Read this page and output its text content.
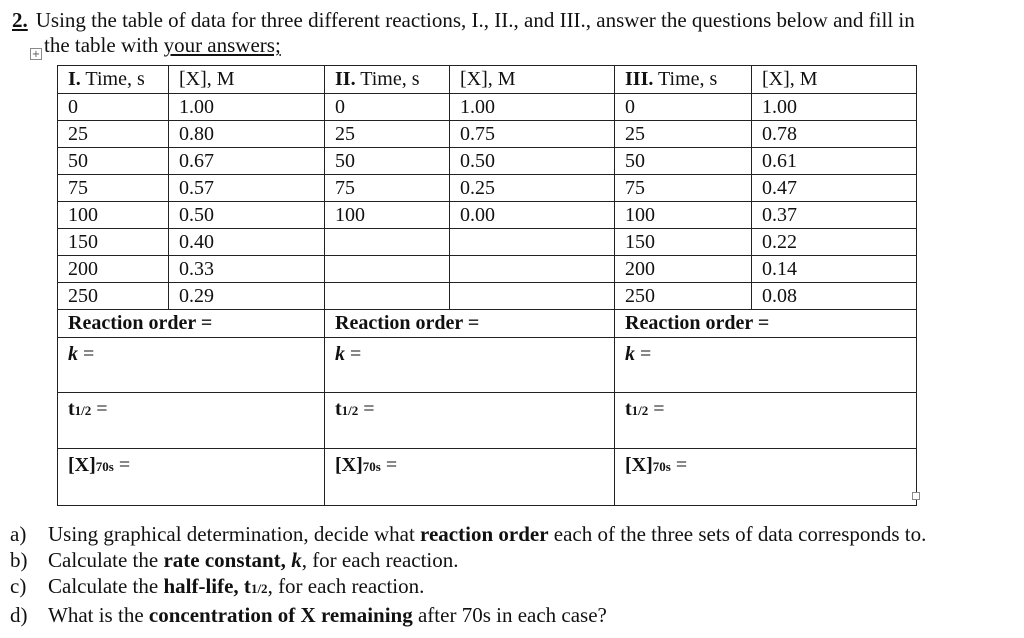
2. Using the table of data for three different reactions, I., II., and III., answer the questions below and fill in
+ the table with your answers;
I. Time, s	[X], M	II. Time, s	[X], M	III. Time, s	[X], M
0	1.00	0	1.00	0	1.00
25	0.80	25	0.75	25	0.78
50	0.67	50	0.50	50	0.61
75	0.57	75	0.25	75	0.47
100	0.50	100	0.00	100	0.37
150	0.40			150	0.22
200	0.33			200	0.14
250	0.29			250	0.08
Reaction order =		Reaction order =		Reaction order =	
k =		k =		k =	
t1/2 =		t1/2 =		t1/2 =	
[X]70s =		[X]70s =		[X]70s =	
a)	Using graphical determination, decide what reaction order each of the three sets of data corresponds to.
b) Calculate the rate constant, k, for each reaction.
c)	Calculate the half-life, t1/2, for each reaction.
d) What is the concentration of X remaining after 70s in each case?
